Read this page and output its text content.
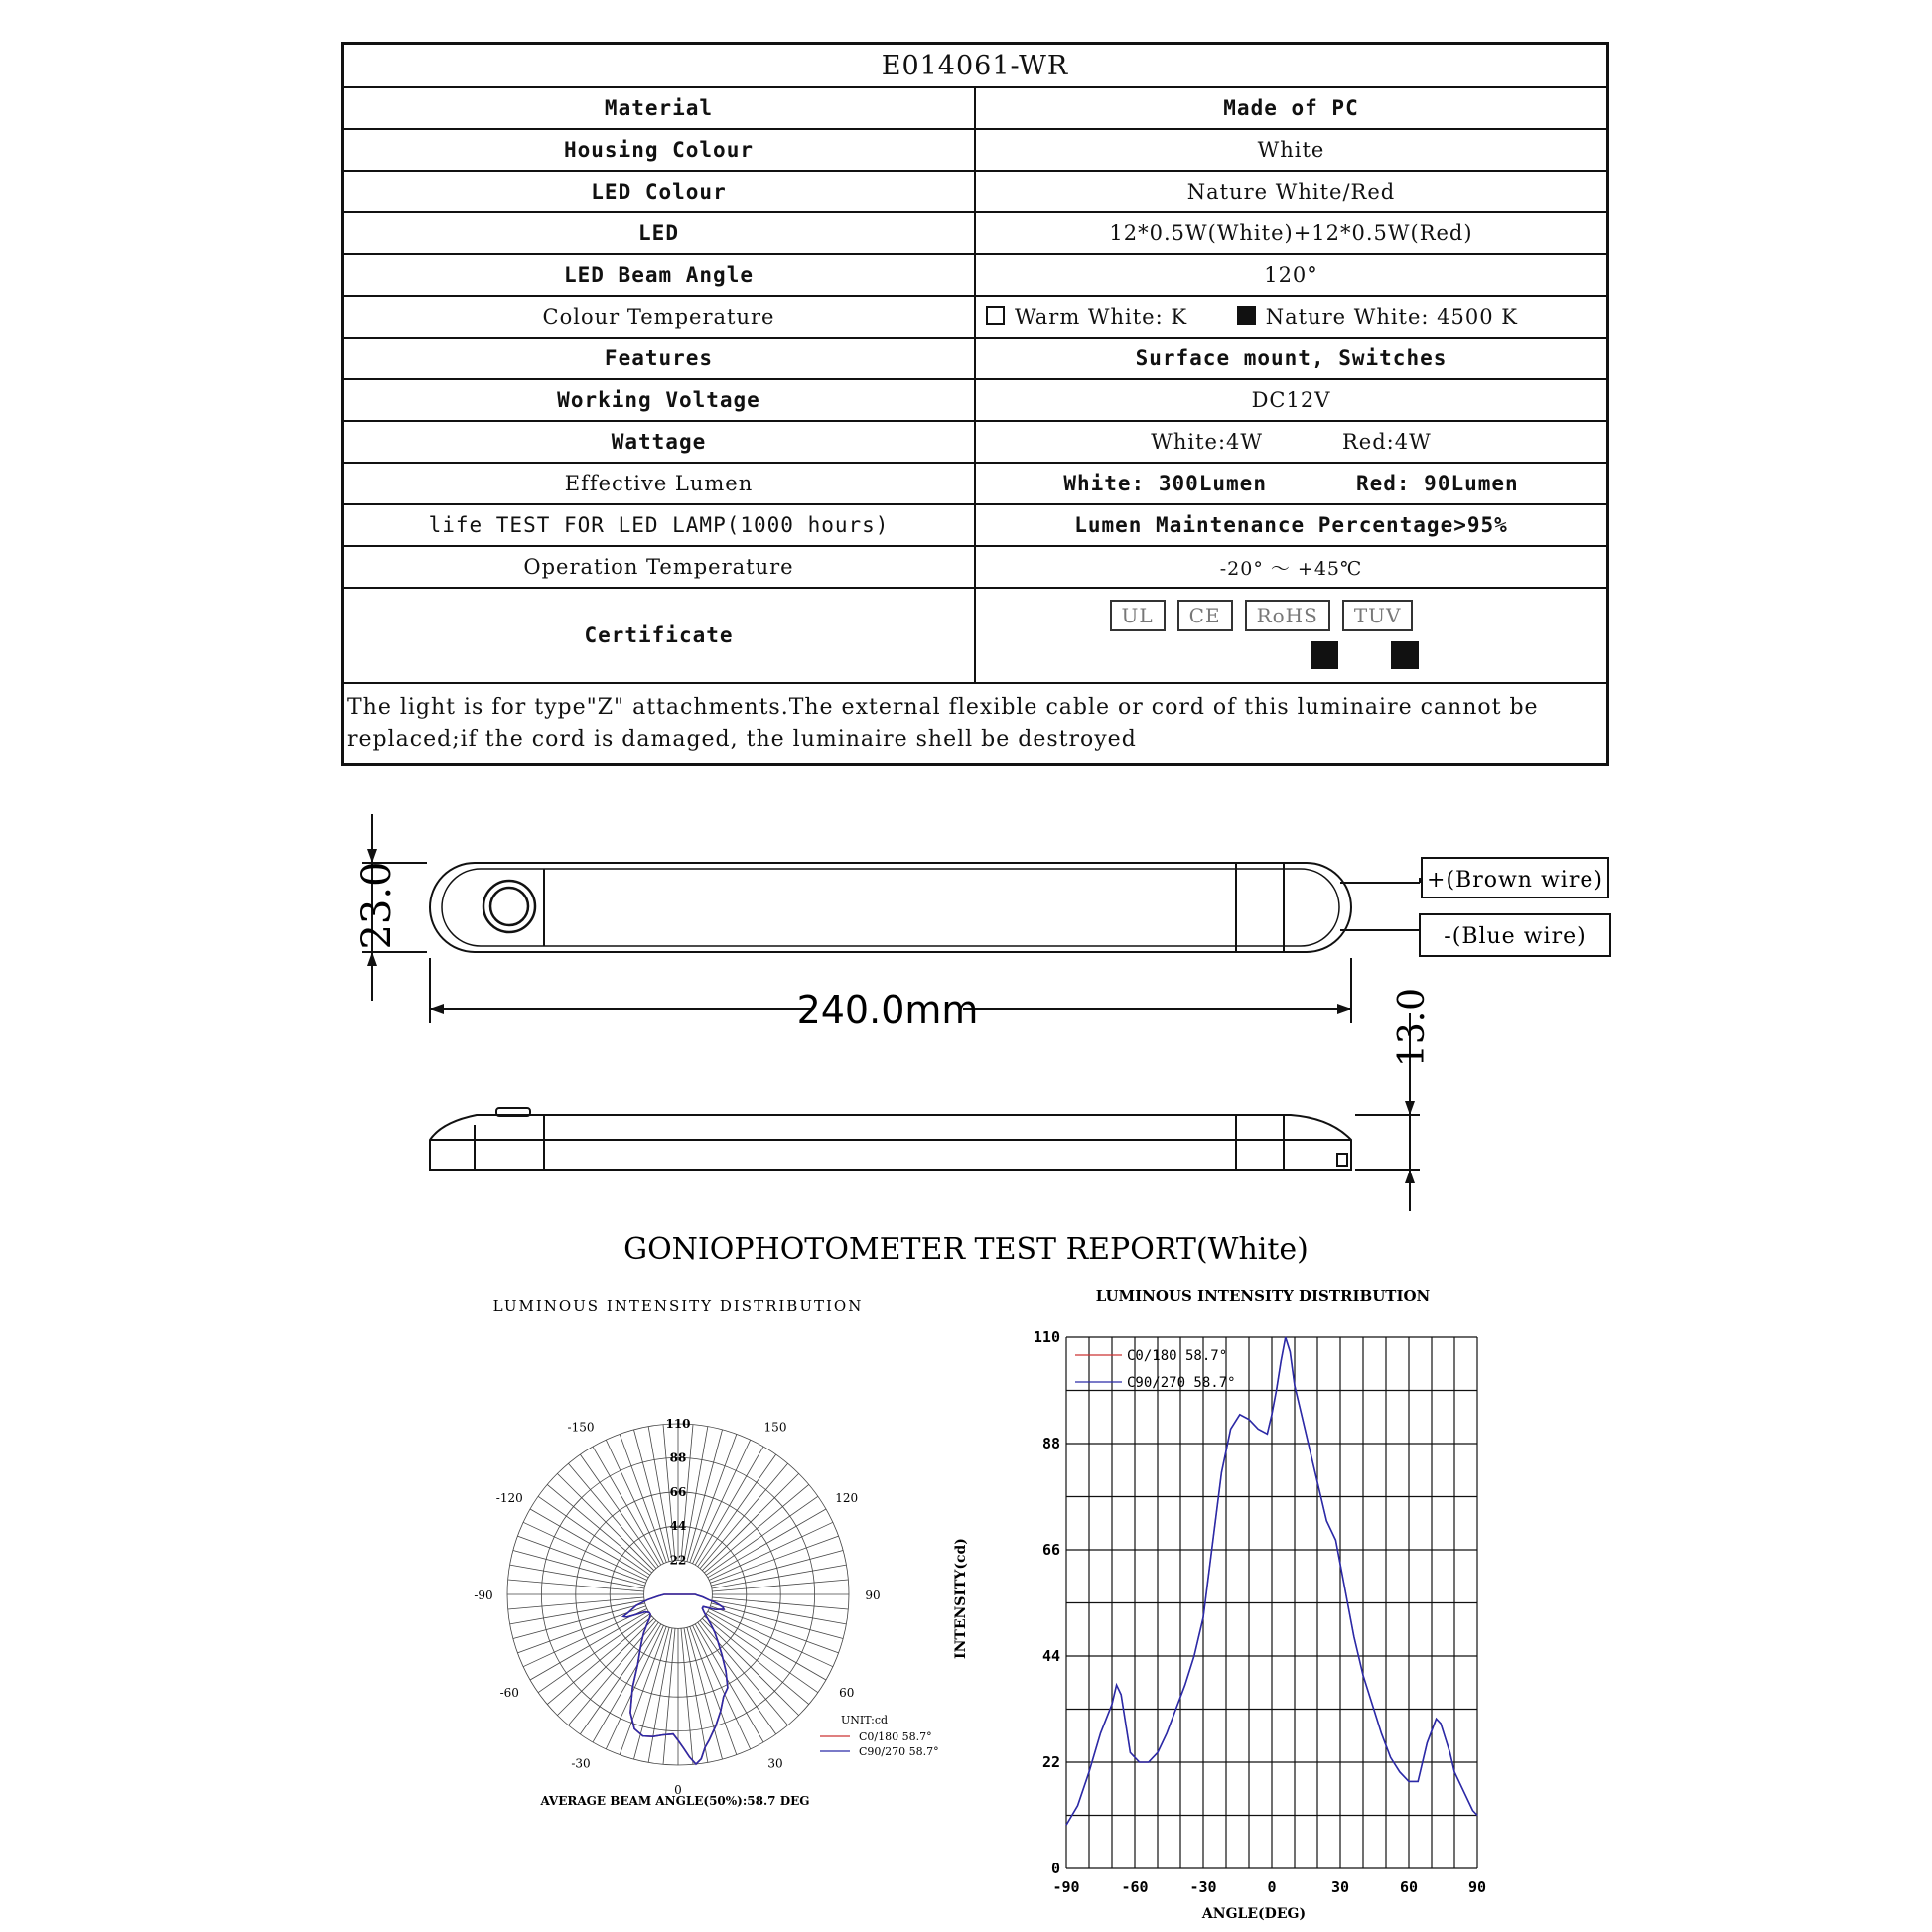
E014061-WR	
Material	Made of PC
Housing Colour	White
LED Colour	Nature White/Red
LED	12*0.5W(White)+12*0.5W(Red)
LED Beam Angle	120°
Colour Temperature	Warm White: K Nature White: 4500 K
Features	Surface mount, Switches
Working Voltage	DC12V
Wattage	White:4W Red:4W
Effective Lumen	White: 300Lumen Red: 90Lumen
life TEST FOR LED LAMP(1000 hours)	Lumen Maintenance Percentage>95%
Operation Temperature	-20° ～ +45℃
Certificate	UL CE RoHS TUV

The light is for type"Z" attachments.The external flexible cable or cord of this luminaire cannot be replaced;if the cord is damaged, the luminaire shell be destroyed	
23.0
240.0mm	13.0
+(Brown wire)
-(Blue wire)
GONIOPHOTOMETER TEST REPORT(White)
LUMINOUS INTENSITY DISTRIBUTION
22
44
66
88
110
-150	150
-120	120
-90	90
-60	60
-30	30
0
UNIT:cd
C0/180 58.7°
C90/270 58.7°
AVERAGE BEAM ANGLE(50%):58.7 DEG
LUMINOUS INTENSITY DISTRIBUTION
-90	-60	-30	0	30	60	90
0
22
44
66
88
110
ANGLE(DEG)
INTENSITY(cd)
C0/180 58.7°
C90/270 58.7°
